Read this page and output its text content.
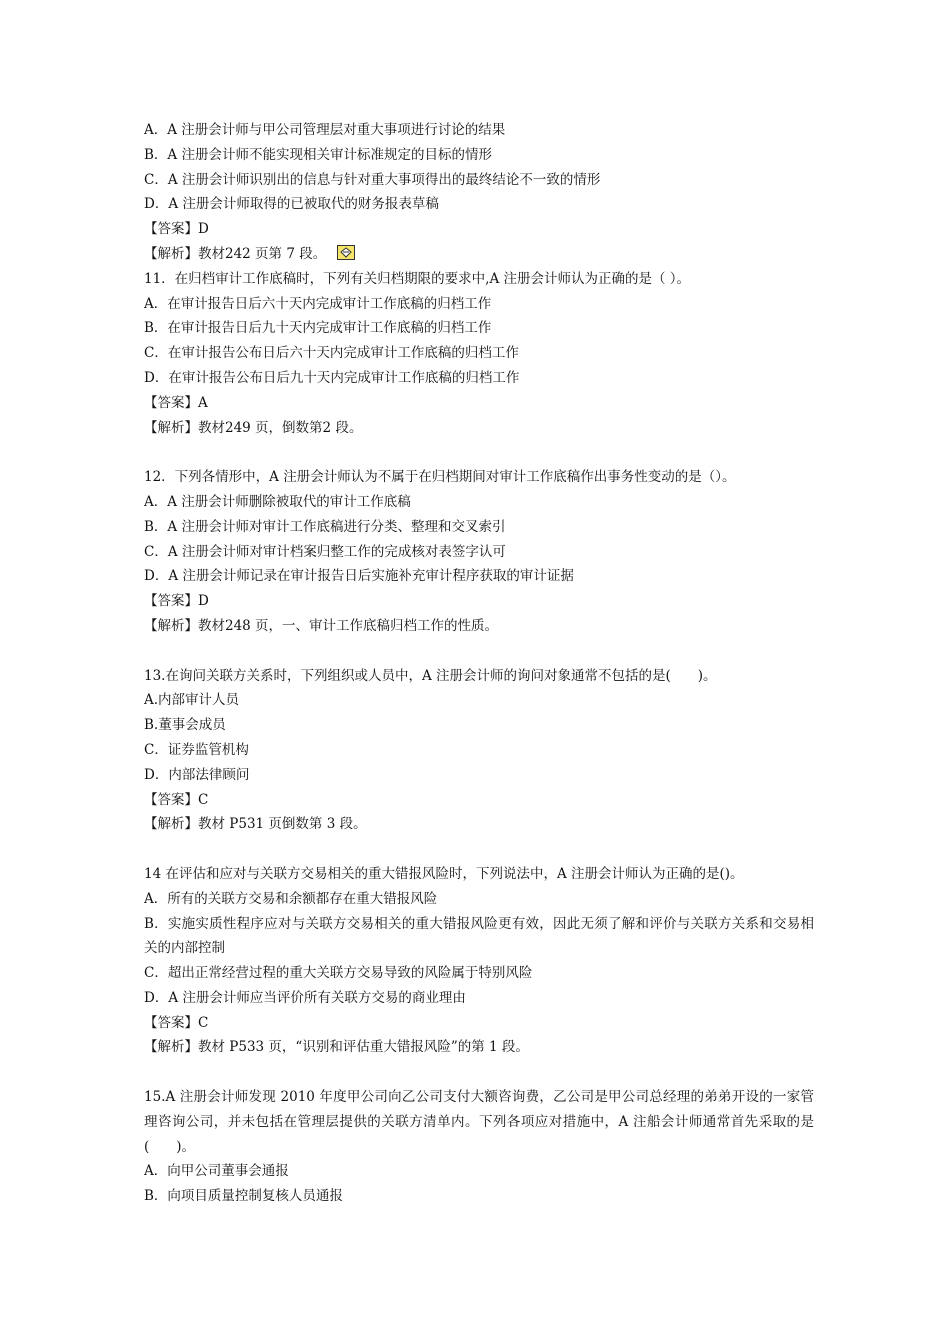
A．A 注册会计师与甲公司管理层对重大事项进行讨论的结果
B．A 注册会计师不能实现相关审计标准规定的目标的情形
C．A 注册会计师识别出的信息与针对重大事项得出的最终结论不一致的情形
D．A 注册会计师取得的已被取代的财务报表草稿
【答案】D
【解析】教材242 页第 7 段。
11．在归档审计工作底稿时，下列有关归档期限的要求中,A 注册会计师认为正确的是（ ）。
A．在审计报告日后六十天内完成审计工作底稿的归档工作
B．在审计报告日后九十天内完成审计工作底稿的归档工作
C．在审计报告公布日后六十天内完成审计工作底稿的归档工作
D．在审计报告公布日后九十天内完成审计工作底稿的归档工作
【答案】A
【解析】教材249 页，倒数第2 段。
12．下列各情形中，A 注册会计师认为不属于在归档期间对审计工作底稿作出事务性变动的是（）。
A．A 注册会计师删除被取代的审计工作底稿
B．A 注册会计师对审计工作底稿进行分类、整理和交叉索引
C．A 注册会计师对审计档案归整工作的完成核对表签字认可
D．A 注册会计师记录在审计报告日后实施补充审计程序获取的审计证据
【答案】D
【解析】教材248 页，一、审计工作底稿归档工作的性质。
13.在询问关联方关系时，下列组织或人员中，A 注册会计师的询问对象通常不包括的是(　　)。
A.内部审计人员
B.董事会成员
C．证券监管机构
D．内部法律顾问
【答案】C
【解析】教材 P531 页倒数第 3 段。
14 在评估和应对与关联方交易相关的重大错报风险时，下列说法中，A 注册会计师认为正确的是()。
A．所有的关联方交易和余额都存在重大错报风险
B．实施实质性程序应对与关联方交易相关的重大错报风险更有效，因此无须了解和评价与关联方关系和交易相关的内部控制
C．超出正常经营过程的重大关联方交易导致的风险属于特别风险
D．A 注册会计师应当评价所有关联方交易的商业理由
【答案】C
【解析】教材 P533 页，“识别和评估重大错报风险”的第 1 段。
15.A 注册会计师发现 2010 年度甲公司向乙公司支付大额咨询费，乙公司是甲公司总经理的弟弟开设的一家管理咨询公司，并未包括在管理层提供的关联方清单内。下列各项应对措施中，A 注船会计师通常首先采取的是(　　)。
A．向甲公司董事会通报
B．向项目质量控制复核人员通报
